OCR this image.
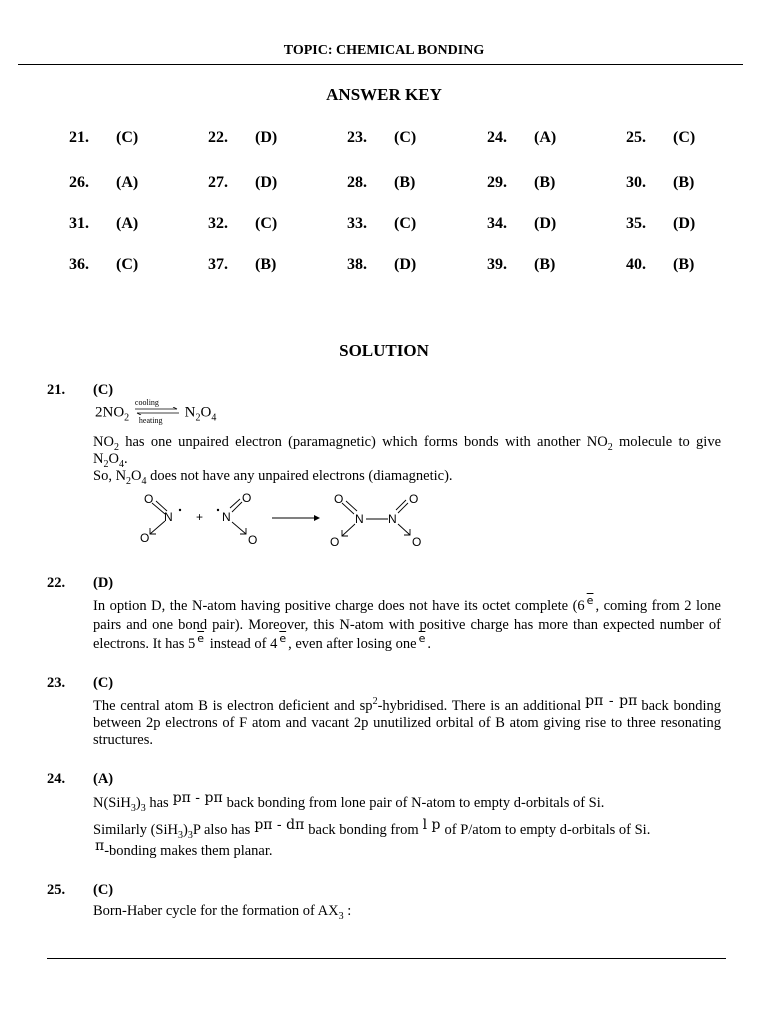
TOPIC: CHEMICAL BONDING
ANSWER KEY
21. (C)	22. (D)	23. (C)	24. (A)	25. (C)
26. (A)	27. (D)	28. (B)	29. (B)	30. (B)
31. (A)	32. (C)	33. (C)	34. (D)	35. (D)
36. (C)	37. (B)	38. (D)	39. (B)	40. (B)
SOLUTION
21. (C)
$2NO_2$
cooling
heating
$N_2O_4$

$NO_2$ has one unpaired electron (paramagnetic) which forms bonds with another $NO_2$ molecule to give $N_2O_4$.

So, $N_2O_4$ does not have any unpaired electrons (diamagnetic).

O
N
O
+ N
O
O
O
N N
O
O	O
22. (D)

In option D, the N-atom having positive charge does not have its octet complete (6 $\overline{e}$ , coming from 2 lone pairs and one bond pair). Moreover, this N-atom with positive charge has more than expected number of electrons. It has 5 $\overline{e}$ instead of 4 $\overline{e}$ , even after losing one $\overline{e}$ .

23. (C)

The central atom B is electron deficient and $sp^2$-hybridised. There is an additional pπ - pπ back bonding between 2p electrons of F atom and vacant 2p unutilized orbital of B atom giving rise to three resonating structures.

24. (A)
$N(SiH_3)_3$ has pπ - pπ back bonding from lone pair of N-atom to empty d-orbitals of Si.
Similarly $(SiH_3)_3P$ also has pπ - dπ back bonding from l p of P/atom to empty d-orbitals of Si.
π-bonding makes them planar.
25. (C)
Born-Haber cycle for the formation of $AX_3$ :
